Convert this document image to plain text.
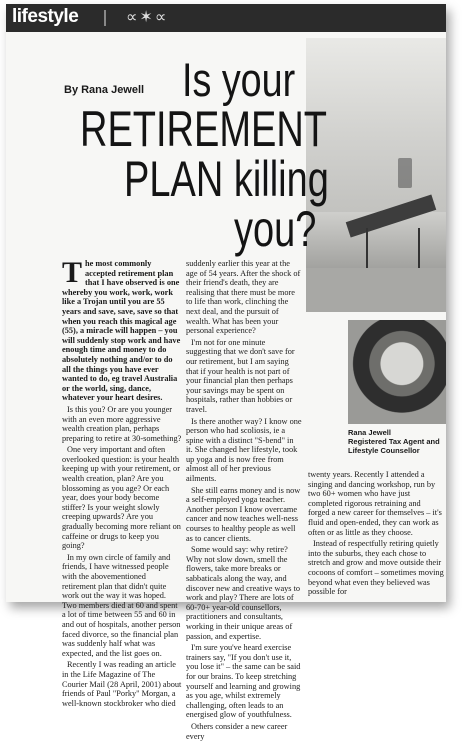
lifestyle	∝✶∝
Is your
By Rana Jewell
RETIREMENT
PLAN killing
you?

The most commonly accepted retirement plan that I have observed is one whereby you work, work, work like a Trojan until you are 55 years and save, save, save so that when you reach this magical age (55), a miracle will happen – you will suddenly stop work and have enough time and money to do absolutely nothing and/or to do all the things you have ever wanted to do, eg travel Australia or the world, sing, dance, whatever your heart desires.

Is this you? Or are you younger with an even more aggressive wealth creation plan, perhaps preparing to retire at 30-something?

One very important and often overlooked question: is your health keeping up with your retirement, or wealth creation, plan? Are you blossoming as you age? Or each year, does your body become stiffer? Is your weight slowly creeping upwards? Are you gradually becoming more reliant on caffeine or drugs to keep you going?

In my own circle of family and friends, I have witnessed people with the abovementioned retirement plan that didn't quite work out the way it was hoped. Two members died at 60 and spent a lot of time between 55 and 60 in and out of hospitals, another person faced divorce, so the financial plan was suddenly half what was expected, and the list goes on.

Recently I was reading an article in the Life Magazine of The Courier Mail (28 April, 2001) about friends of Paul "Porky" Morgan, a well-known stockbroker who died

suddenly earlier this year at the age of 54 years. After the shock of their friend's death, they are realising that there must be more to life than work, clinching the next deal, and the pursuit of wealth. What has been your personal experience?

I'm not for one minute suggesting that we don't save for our retirement, but I am saying that if your health is not part of your financial plan then perhaps your savings may be spent on hospitals, rather than hobbies or travel.

Is there another way? I know one person who had scoliosis, ie a spine with a distinct "S-bend" in it. She changed her lifestyle, took up yoga and is now free from almost all of her previous ailments.

She still earns money and is now a self-employed yoga teacher. Another person I know overcame cancer and now teaches well-ness courses to healthy people as well as to cancer clients.

Some would say: why retire? Why not slow down, smell the flowers, take more breaks or sabbaticals along the way, and discover new and creative ways to work and play? There are lots of 60-70+ year-old counsellors, practitioners and consultants, working in their unique areas of passion, and expertise.

I'm sure you've heard exercise trainers say, "If you don't use it, you lose it" – the same can be said for our brains. To keep stretching yourself and learning and growing as you age, whilst extremely challenging, often leads to an energised glow of youthfulness.

Others consider a new career every

Rana Jewell
Registered Tax Agent and Lifestyle Counsellor

twenty years. Recently I attended a singing and dancing workshop, run by two 60+ women who have just completed rigorous retraining and forged a new career for themselves – it's fluid and open-ended, they can work as often or as little as they choose.

Instead of respectfully retiring quietly into the suburbs, they each chose to stretch and grow and move outside their cocoons of comfort – sometimes moving beyond what even they believed was possible for
